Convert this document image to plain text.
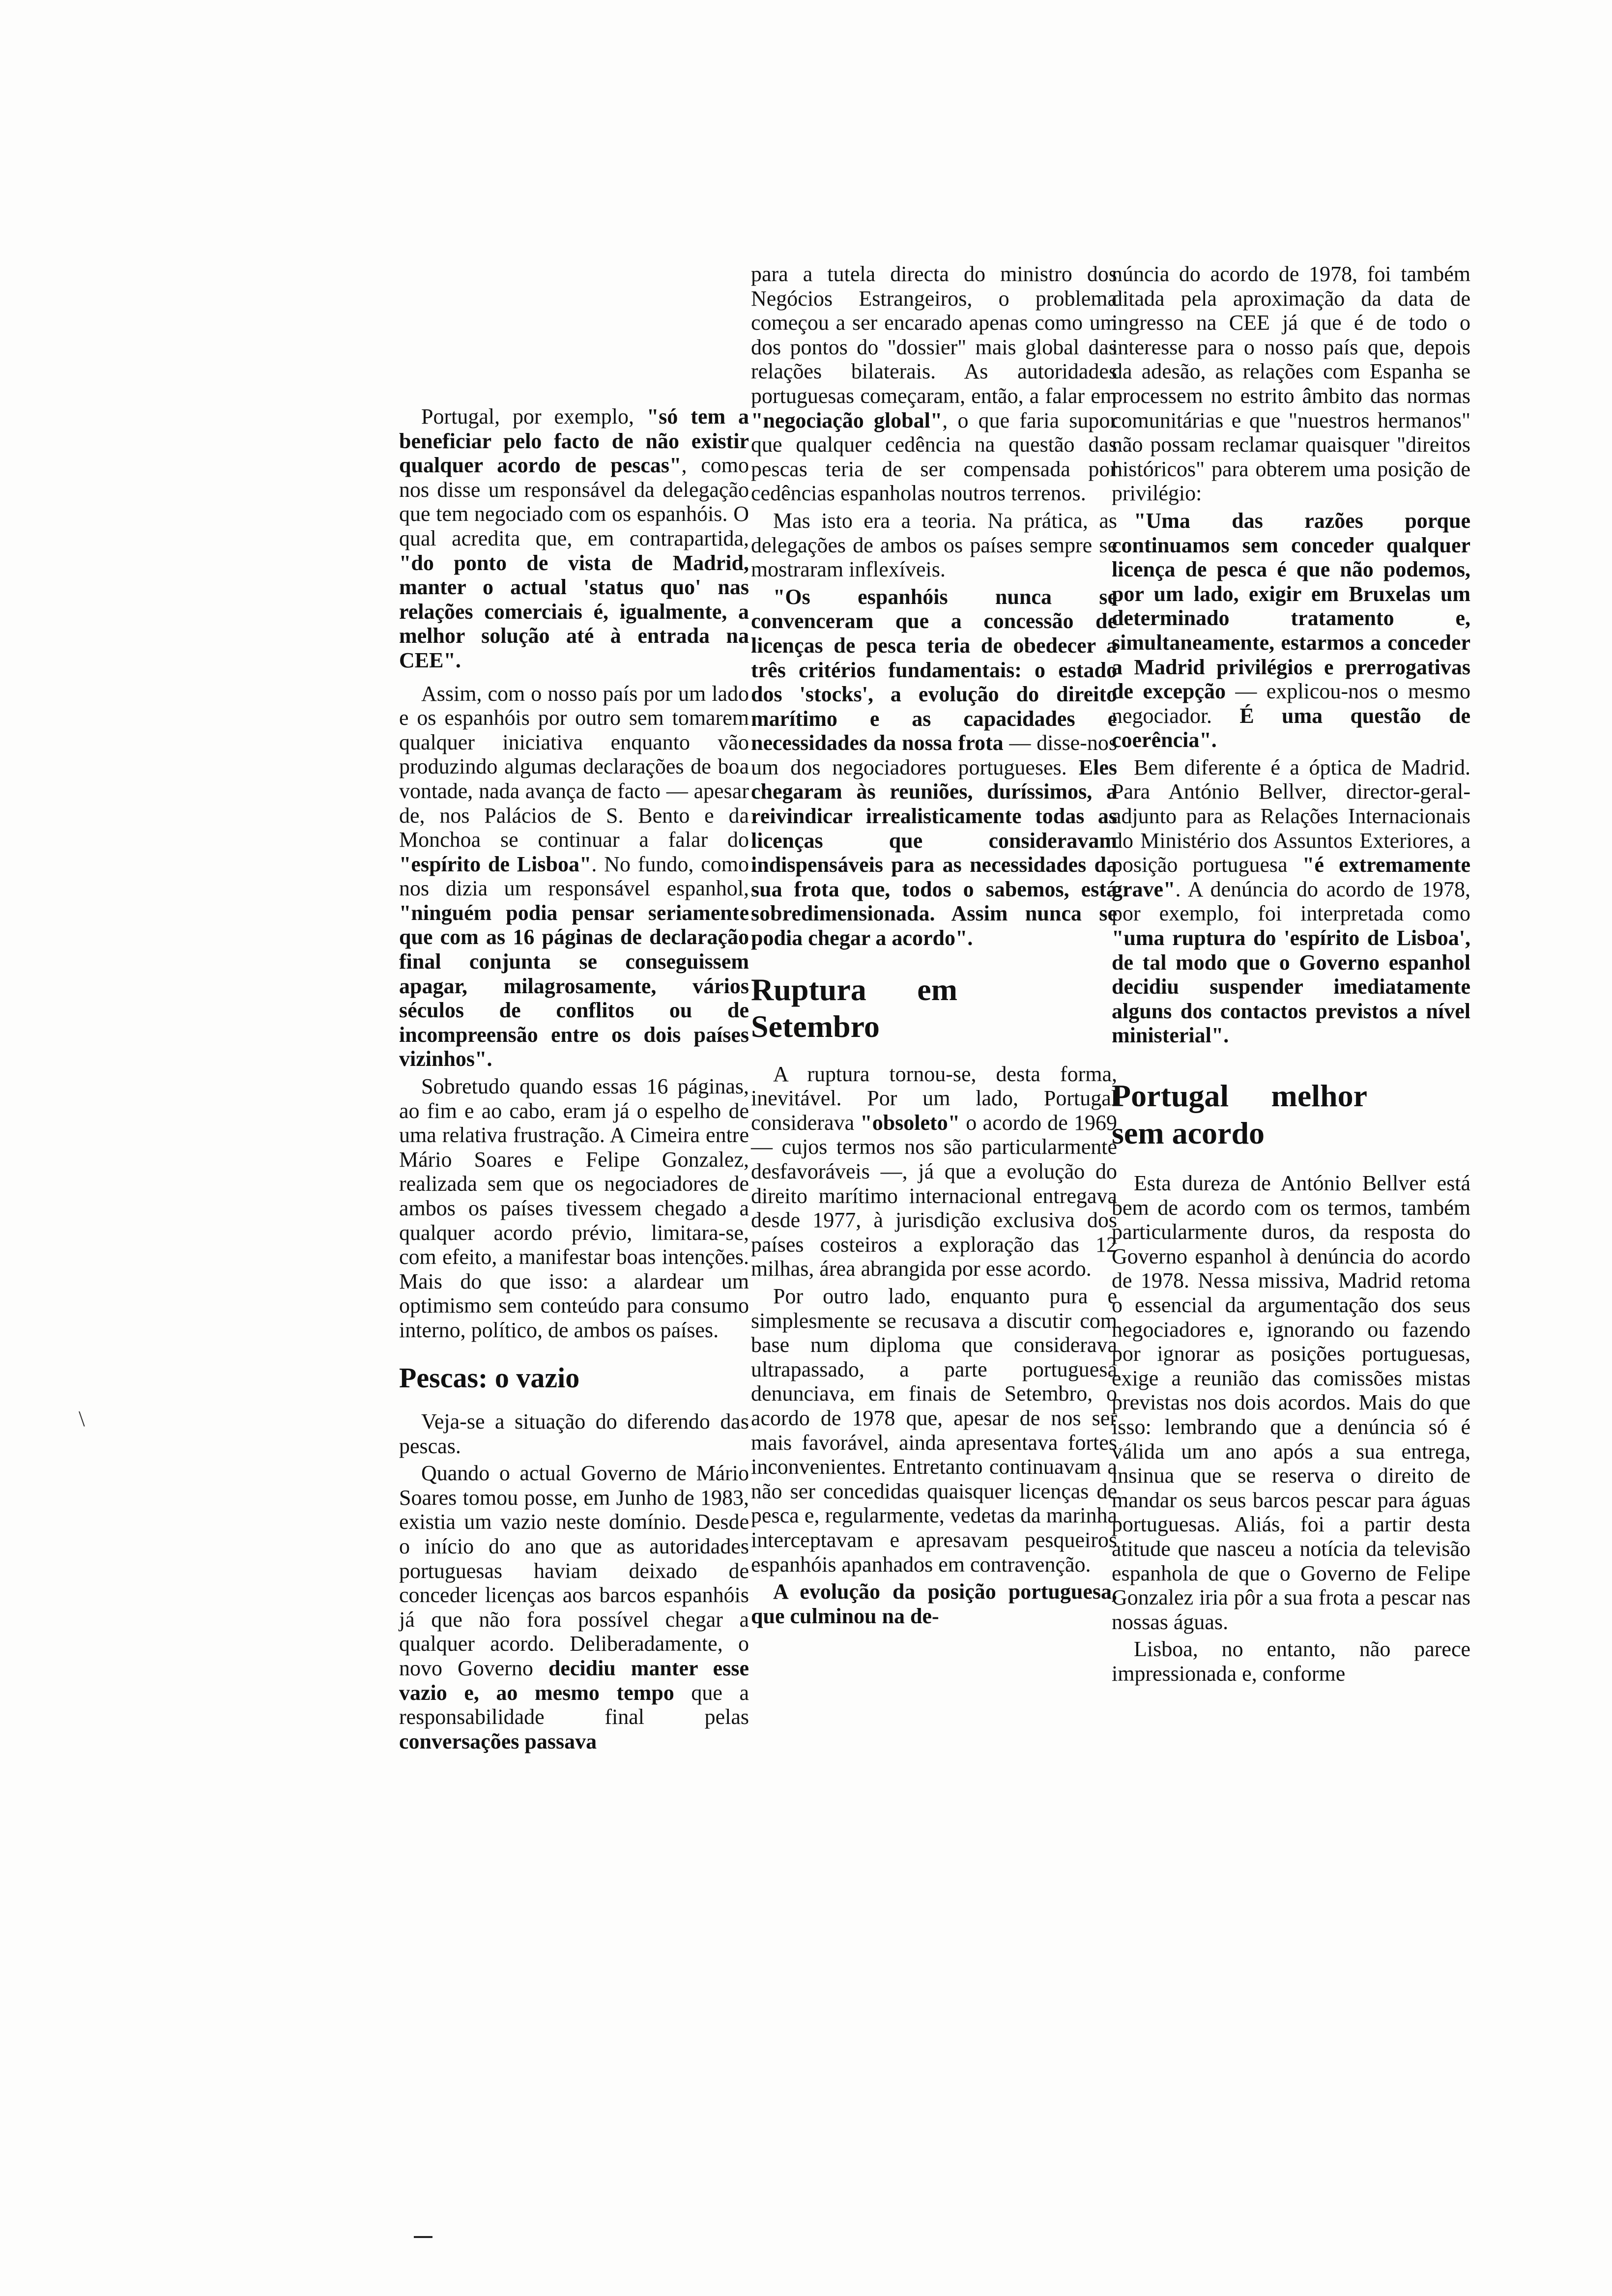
Portugal, por exemplo, "só tem a beneficiar pelo facto de não existir qualquer acordo de pescas", como nos disse um responsável da delegação que tem negociado com os espanhóis. O qual acredita que, em contrapartida, "do ponto de vista de Madrid, manter o actual 'status quo' nas relações comerciais é, igualmente, a melhor solução até à entrada na CEE".

Assim, com o nosso país por um lado e os espanhóis por outro sem tomarem qualquer iniciativa enquanto vão produzindo algumas declarações de boa vontade, nada avança de facto — apesar de, nos Palácios de S. Bento e da Monchoa se continuar a falar do "espírito de Lisboa". No fundo, como nos dizia um responsável espanhol, "ninguém podia pensar seriamente que com as 16 páginas de declaração final conjunta se conseguissem apagar, milagrosamente, vários séculos de conflitos ou de incompreensão entre os dois países vizinhos".

Sobretudo quando essas 16 páginas, ao fim e ao cabo, eram já o espelho de uma relativa frustração. A Cimeira entre Mário Soares e Felipe Gonzalez, realizada sem que os negociadores de ambos os países tivessem chegado a qualquer acordo prévio, limitara-se, com efeito, a manifestar boas intenções. Mais do que isso: a alardear um optimismo sem conteúdo para consumo interno, político, de ambos os países.

Pescas: o vazio

Veja-se a situação do diferendo das pescas.

Quando o actual Governo de Mário Soares tomou posse, em Junho de 1983, existia um vazio neste domínio. Desde o início do ano que as autoridades portuguesas haviam deixado de conceder licenças aos barcos espanhóis já que não fora possível chegar a qualquer acordo. Deliberadamente, o novo Governo decidiu manter esse vazio e, ao mesmo tempo que a responsabilidade final pelas conversações passava

para a tutela directa do ministro dos Negócios Estrangeiros, o problema começou a ser encarado apenas como um dos pontos do "dossier" mais global das relações bilaterais. As autoridades portuguesas começaram, então, a falar em "negociação global", o que faria supor que qualquer cedência na questão das pescas teria de ser compensada por cedências espanholas noutros terrenos.

Mas isto era a teoria. Na prática, as delegações de ambos os países sempre se mostraram inflexíveis.

"Os espanhóis nunca se convenceram que a concessão de licenças de pesca teria de obedecer a três critérios fundamentais: o estado dos 'stocks', a evolução do direito marítimo e as capacidades e necessidades da nossa frota — disse-nos um dos negociadores portugueses. Eles chegaram às reuniões, duríssimos, a reivindicar irrealisticamente todas as licenças que consideravam indispensáveis para as necessidades da sua frota que, todos o sabemos, está sobredimensionada. Assim nunca se podia chegar a acordo".

Ruptura em Setembro

A ruptura tornou-se, desta forma, inevitável. Por um lado, Portugal considerava "obsoleto" o acordo de 1969 — cujos termos nos são particularmente desfavoráveis —, já que a evolução do direito marítimo internacional entregava desde 1977, à jurisdição exclusiva dos países costeiros a exploração das 12 milhas, área abrangida por esse acordo.

Por outro lado, enquanto pura e simplesmente se recusava a discutir com base num diploma que considerava ultrapassado, a parte portuguesa denunciava, em finais de Setembro, o acordo de 1978 que, apesar de nos ser mais favorável, ainda apresentava fortes inconvenientes. Entretanto continuavam a não ser concedidas quaisquer licenças de pesca e, regularmente, vedetas da marinha interceptavam e apresavam pesqueiros espanhóis apanhados em contravenção.

A evolução da posição portuguesa, que culminou na de-

núncia do acordo de 1978, foi também ditada pela aproximação da data de ingresso na CEE já que é de todo o interesse para o nosso país que, depois da adesão, as relações com Espanha se processem no estrito âmbito das normas comunitárias e que "nuestros hermanos" não possam reclamar quaisquer "direitos históricos" para obterem uma posição de privilégio:

"Uma das razões porque continuamos sem conceder qualquer licença de pesca é que não podemos, por um lado, exigir em Bruxelas um determinado tratamento e, simultaneamente, estarmos a conceder a Madrid privilégios e prerrogativas de excepção — explicou-nos o mesmo negociador. É uma questão de coerência".

Bem diferente é a óptica de Madrid. Para António Bellver, director-geral-adjunto para as Relações Internacionais do Ministério dos Assuntos Exteriores, a posição portuguesa "é extremamente grave". A denúncia do acordo de 1978, por exemplo, foi interpretada como "uma ruptura do 'espírito de Lisboa', de tal modo que o Governo espanhol decidiu suspender imediatamente alguns dos contactos previstos a nível ministerial".

Portugal melhor sem acordo

Esta dureza de António Bellver está bem de acordo com os termos, também particularmente duros, da resposta do Governo espanhol à denúncia do acordo de 1978. Nessa missiva, Madrid retoma o essencial da argumentação dos seus negociadores e, ignorando ou fazendo por ignorar as posições portuguesas, exige a reunião das comissões mistas previstas nos dois acordos. Mais do que isso: lembrando que a denúncia só é válida um ano após a sua entrega, insinua que se reserva o direito de mandar os seus barcos pescar para águas portuguesas. Aliás, foi a partir desta atitude que nasceu a notícia da televisão espanhola de que o Governo de Felipe Gonzalez iria pôr a sua frota a pescar nas nossas águas.

Lisboa, no entanto, não parece impressionada e, conforme

\
